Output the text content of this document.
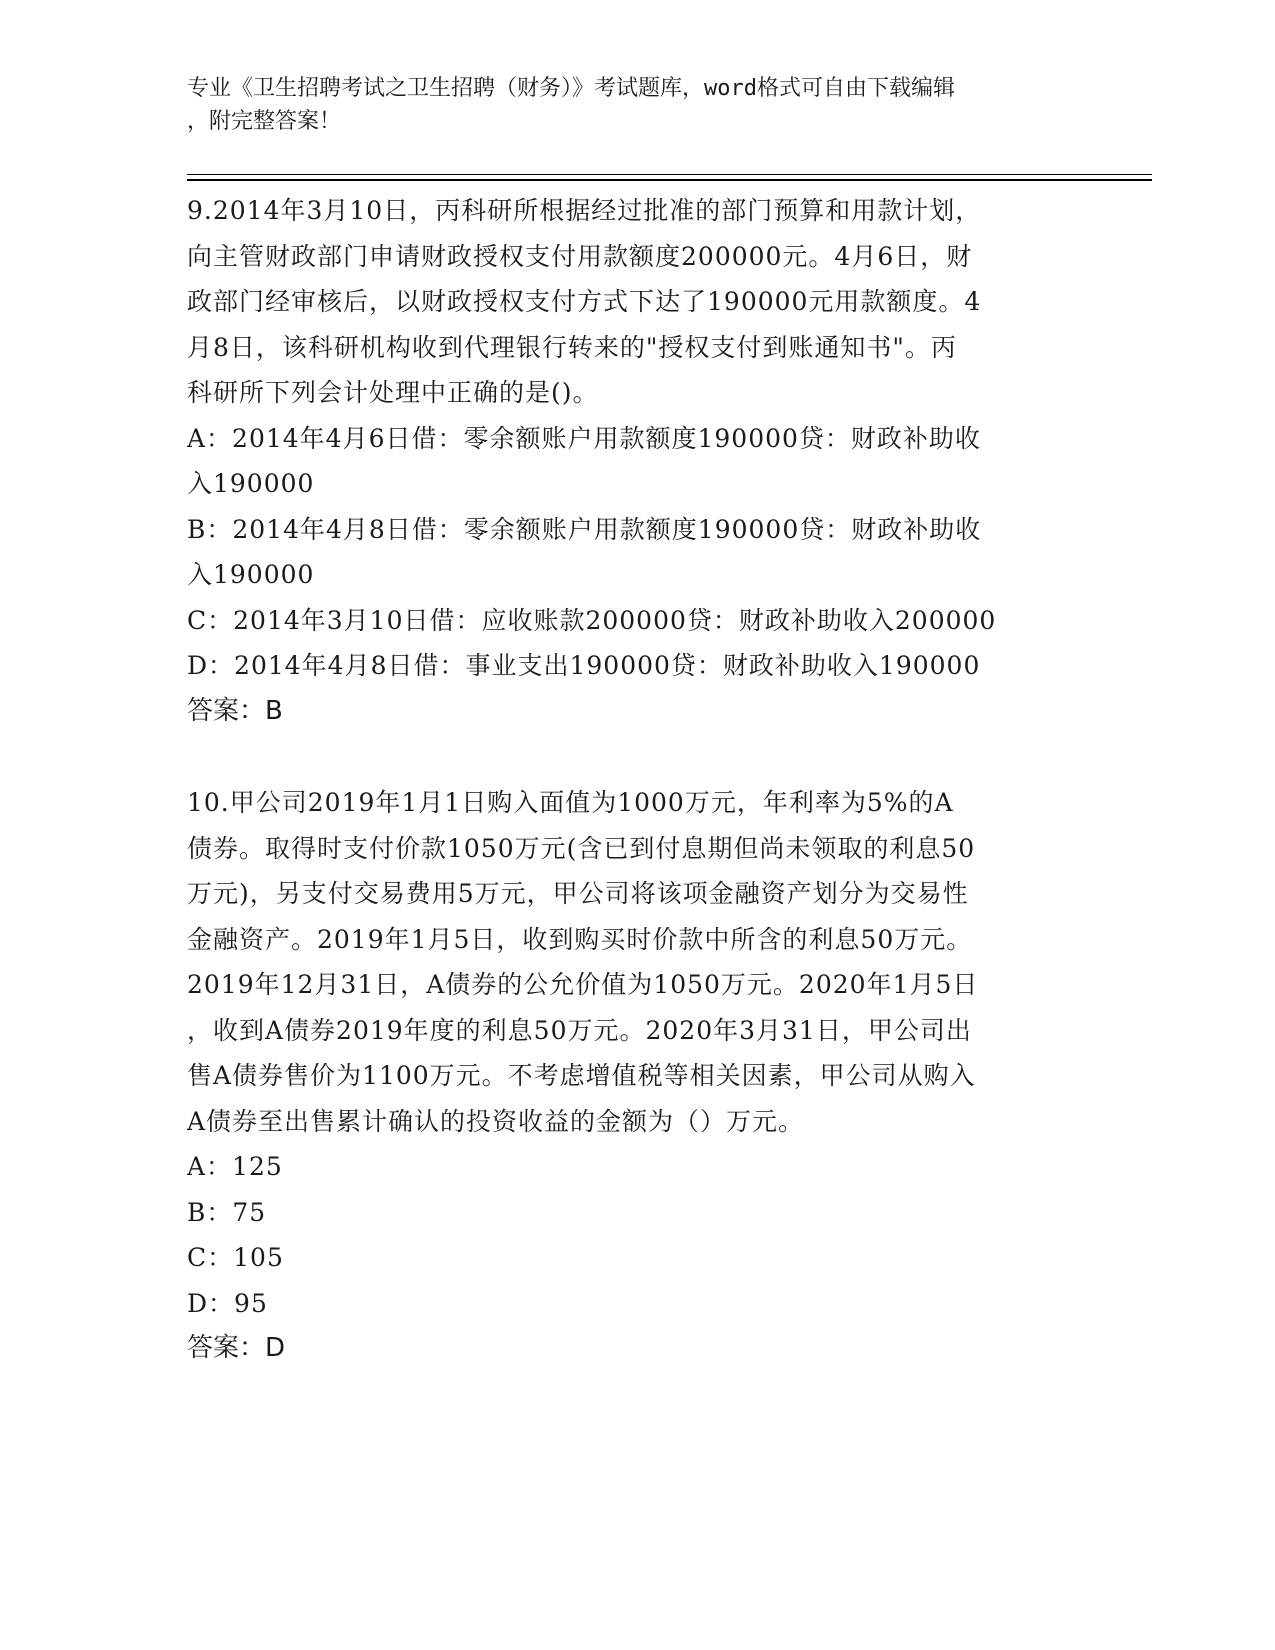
专业《卫生招聘考试之卫生招聘（财务）》考试题库，word格式可自由下载编辑
，附完整答案！
9.2014年3月10日，丙科研所根据经过批准的部门预算和用款计划，
向主管财政部门申请财政授权支付用款额度200000元。4月6日，财
政部门经审核后，以财政授权支付方式下达了190000元用款额度。4
月8日，该科研机构收到代理银行转来的"授权支付到账通知书"。丙
科研所下列会计处理中正确的是()。
A：2014年4月6日借：零余额账户用款额度190000贷：财政补助收
入190000
B：2014年4月8日借：零余额账户用款额度190000贷：财政补助收
入190000
C：2014年3月10日借：应收账款200000贷：财政补助收入200000
D：2014年4月8日借：事业支出190000贷：财政补助收入190000
答案：B
10.甲公司2019年1月1日购入面值为1000万元，年利率为5%的A
债券。取得时支付价款1050万元(含已到付息期但尚未领取的利息50
万元)，另支付交易费用5万元，甲公司将该项金融资产划分为交易性
金融资产。2019年1月5日，收到购买时价款中所含的利息50万元。
2019年12月31日，A债券的公允价值为1050万元。2020年1月5日
，收到A债券2019年度的利息50万元。2020年3月31日，甲公司出
售A债券售价为1100万元。不考虑增值税等相关因素，甲公司从购入
A债券至出售累计确认的投资收益的金额为（）万元。
A：125
B：75
C：105
D：95
答案：D
